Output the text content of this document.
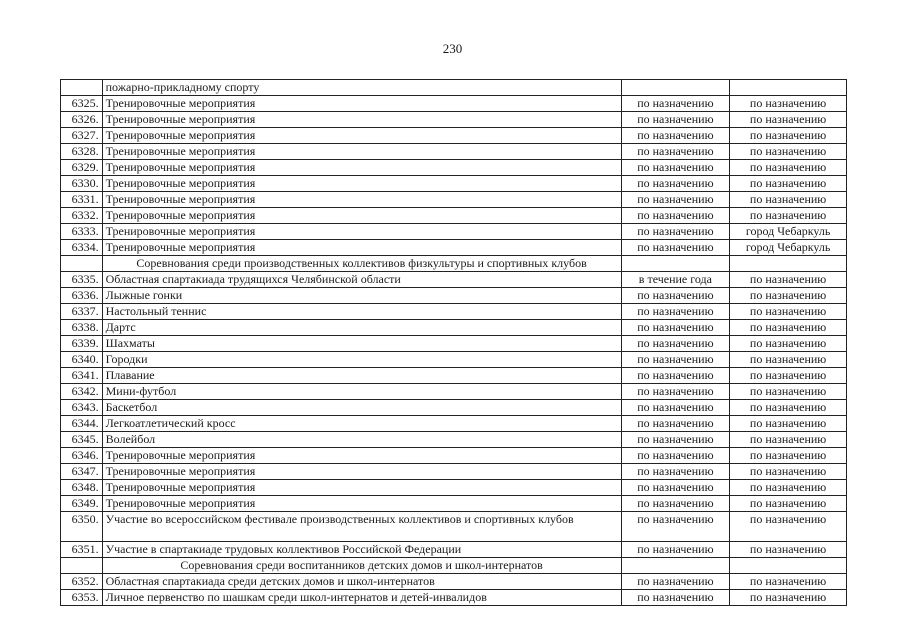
230
	пожарно-прикладному спорту		
6325.	Тренировочные мероприятия	по назначению	по назначению
6326.	Тренировочные мероприятия	по назначению	по назначению
6327.	Тренировочные мероприятия	по назначению	по назначению
6328.	Тренировочные мероприятия	по назначению	по назначению
6329.	Тренировочные мероприятия	по назначению	по назначению
6330.	Тренировочные мероприятия	по назначению	по назначению
6331.	Тренировочные мероприятия	по назначению	по назначению
6332.	Тренировочные мероприятия	по назначению	по назначению
6333.	Тренировочные мероприятия	по назначению	город Чебаркуль
6334.	Тренировочные мероприятия	по назначению	город Чебаркуль
	Соревнования среди производственных коллективов физкультуры и спортивных клубов		
6335.	Областная спартакиада трудящихся Челябинской области	в течение года	по назначению
6336.	Лыжные гонки	по назначению	по назначению
6337.	Настольный теннис	по назначению	по назначению
6338.	Дартс	по назначению	по назначению
6339.	Шахматы	по назначению	по назначению
6340.	Городки	по назначению	по назначению
6341.	Плавание	по назначению	по назначению
6342.	Мини-футбол	по назначению	по назначению
6343.	Баскетбол	по назначению	по назначению
6344.	Легкоатлетический кросс	по назначению	по назначению
6345.	Волейбол	по назначению	по назначению
6346.	Тренировочные мероприятия	по назначению	по назначению
6347.	Тренировочные мероприятия	по назначению	по назначению
6348.	Тренировочные мероприятия	по назначению	по назначению
6349.	Тренировочные мероприятия	по назначению	по назначению
6350.	Участие во всероссийском фестивале производственных коллективов и спортивных клубов	по назначению	по назначению
6351.	Участие в спартакиаде трудовых коллективов Российской Федерации	по назначению	по назначению
	Соревнования среди воспитанников детских домов и школ-интернатов		
6352.	Областная спартакиада среди детских домов и школ-интернатов	по назначению	по назначению
6353.	Личное первенство по шашкам среди школ-интернатов и детей-инвалидов	по назначению	по назначению
